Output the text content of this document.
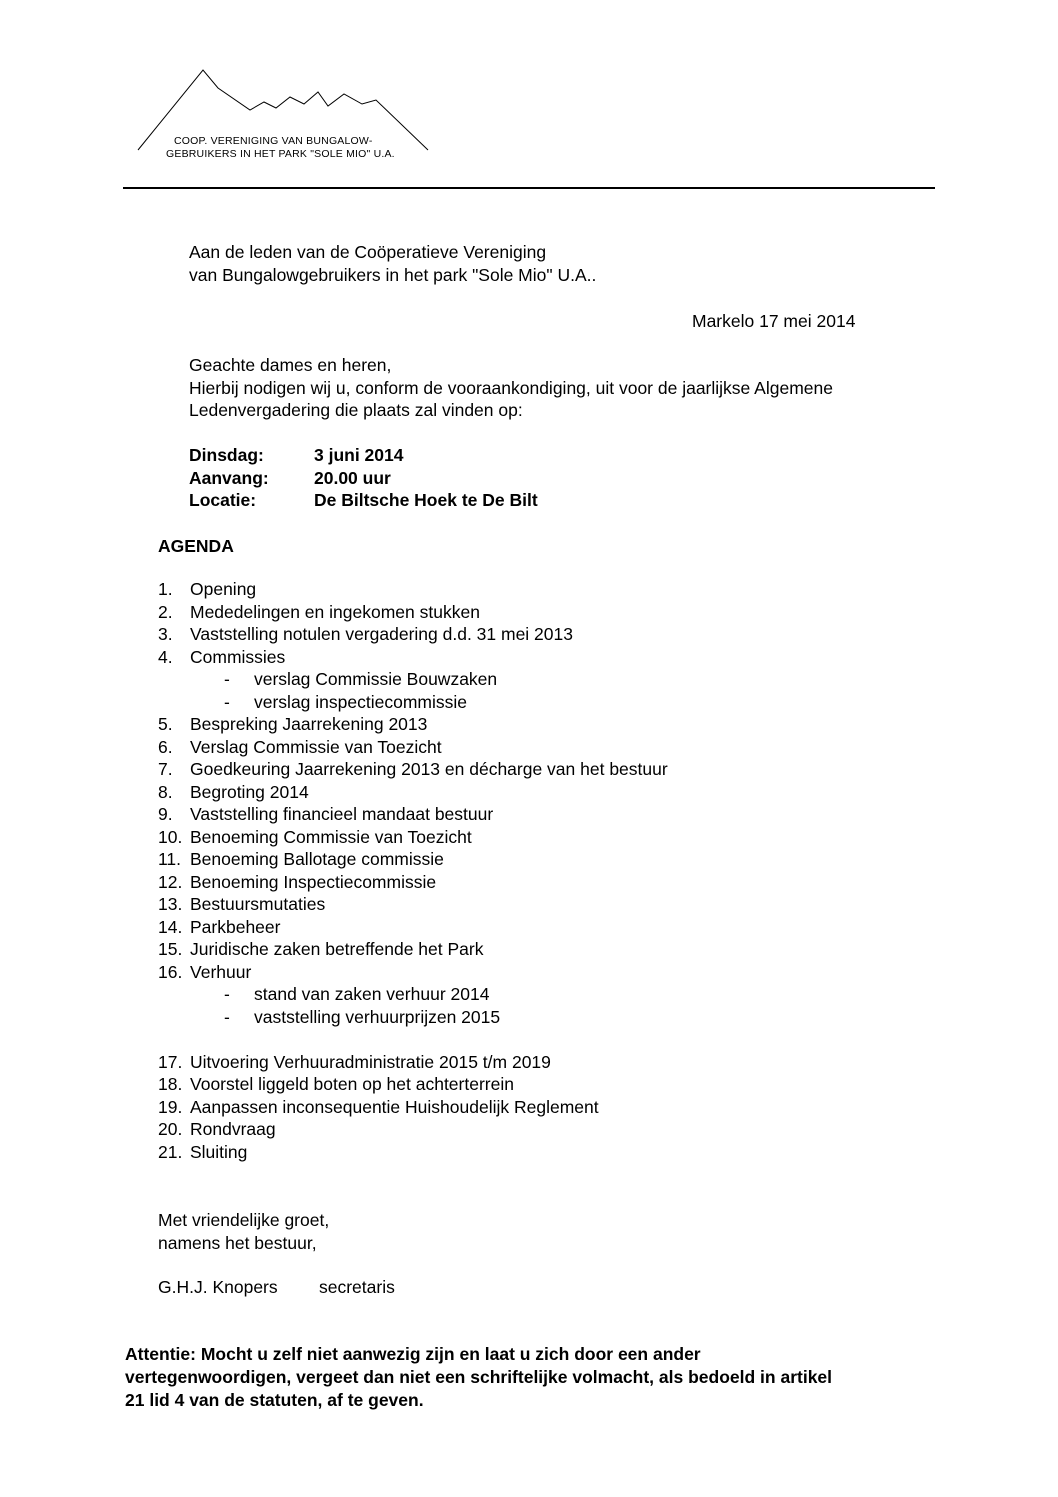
COOP. VERENIGING VAN BUNGALOW-
GEBRUIKERS IN HET PARK "SOLE MIO" U.A.
Aan de leden van de Coöperatieve Vereniging
van Bungalowgebruikers in het park "Sole Mio" U.A..
Markelo 17 mei 2014
Geachte dames en heren,
Hierbij nodigen wij u, conform de vooraankondiging, uit voor de jaarlijkse Algemene
Ledenvergadering die plaats zal vinden op:
Dinsdag:	3 juni 2014
Aanvang:	20.00 uur
Locatie:	De Biltsche Hoek te De Bilt
AGENDA
1. Opening
2. Mededelingen en ingekomen stukken
3. Vaststelling notulen vergadering d.d. 31 mei 2013
4. Commissies
- verslag Commissie Bouwzaken
- verslag inspectiecommissie
5. Bespreking Jaarrekening 2013
6. Verslag Commissie van Toezicht
7. Goedkeuring Jaarrekening 2013 en décharge van het bestuur
8. Begroting 2014
9. Vaststelling financieel mandaat bestuur
10. Benoeming Commissie van Toezicht
11. Benoeming Ballotage commissie
12. Benoeming Inspectiecommissie
13. Bestuursmutaties
14. Parkbeheer
15. Juridische zaken betreffende het Park
16. Verhuur
- stand van zaken verhuur 2014
- vaststelling verhuurprijzen 2015
17. Uitvoering Verhuuradministratie 2015 t/m 2019
18. Voorstel liggeld boten op het achterterrein
19. Aanpassen inconsequentie Huishoudelijk Reglement
20. Rondvraag
21. Sluiting
Met vriendelijke groet,
namens het bestuur,
G.H.J. Knopers secretaris
Attentie: Mocht u zelf niet aanwezig zijn en laat u zich door een ander
vertegenwoordigen, vergeet dan niet een schriftelijke volmacht, als bedoeld in artikel
21 lid 4 van de statuten, af te geven.
